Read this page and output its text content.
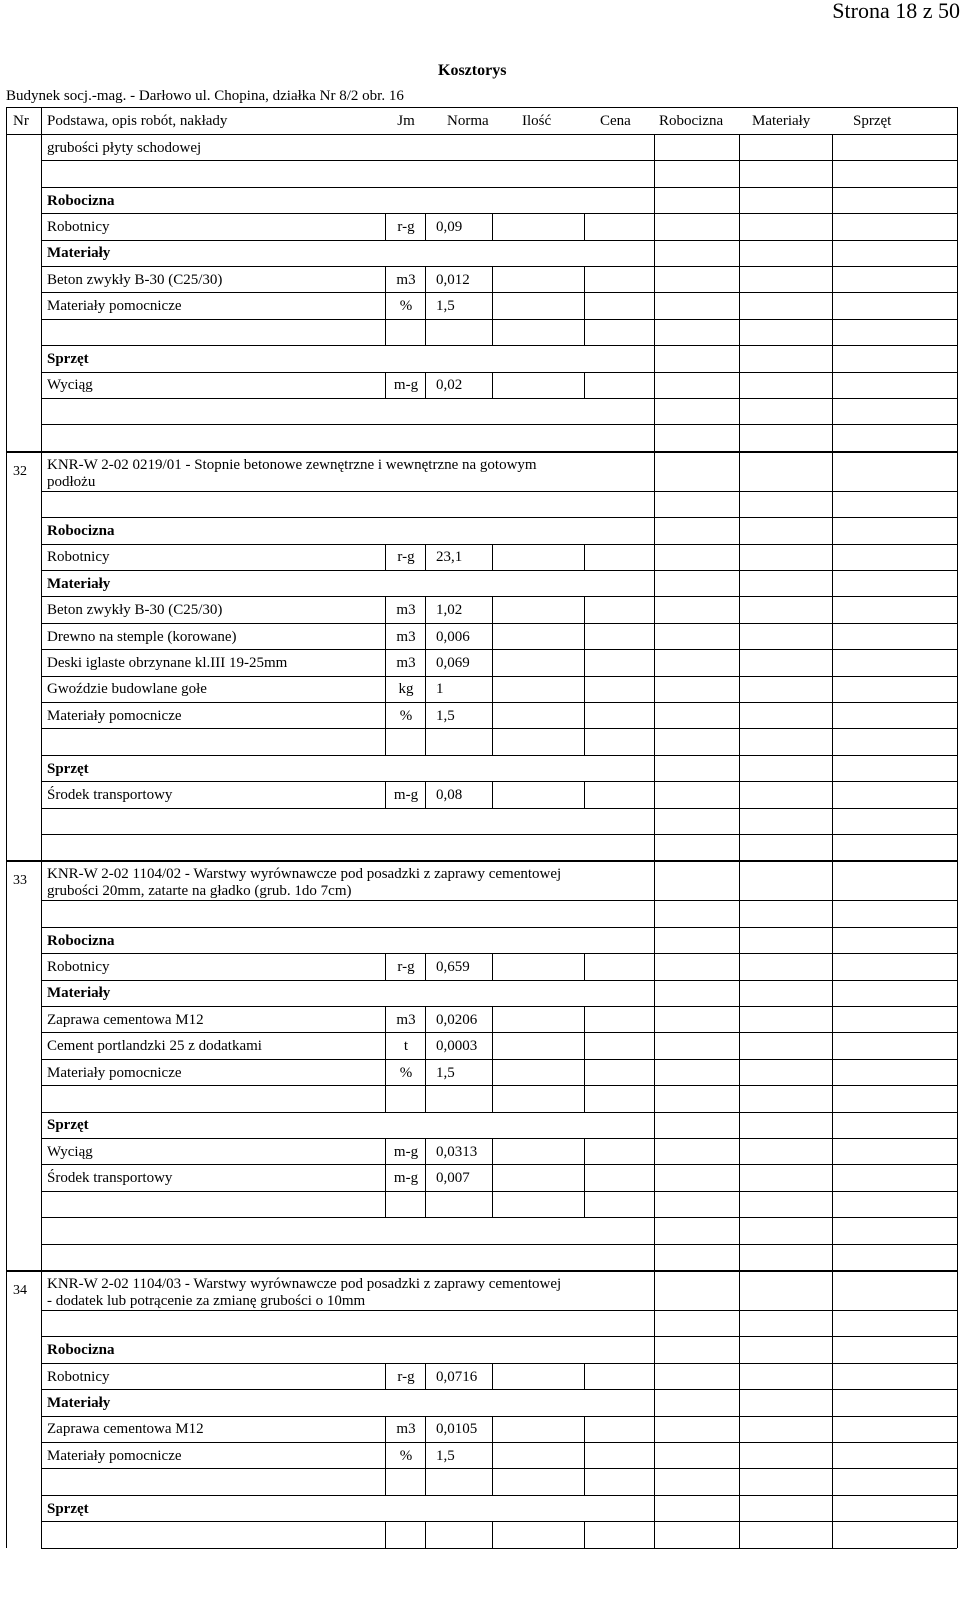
Strona 18 z 50
Kosztorys
Budynek socj.-mag. - Darłowo ul. Chopina, działka Nr 8/2 obr. 16
Nr Podstawa, opis robót, nakłady	Jm Norma Ilość	Cena Robocizna Materiały	Sprzęt
grubości płyty schodowej
Robocizna
Robotnicy	r-g 0,09
Materiały
Beton zwykły B-30 (C25/30)	m3 0,012
Materiały pomocnicze	% 1,5
Sprzęt
Wyciąg	m-g 0,02
32 KNR-W 2-02 0219/01 - Stopnie betonowe zewnętrzne i wewnętrzne na gotowym
podłożu
Robocizna
Robotnicy	r-g 23,1
Materiały
Beton zwykły B-30 (C25/30)	m3 1,02
Drewno na stemple (korowane)	m3 0,006
Deski iglaste obrzynane kl.III 19-25mm	m3 0,069
Gwoździe budowlane gołe	kg 1
Materiały pomocnicze	% 1,5
Sprzęt
Środek transportowy	m-g 0,08
33 KNR-W 2-02 1104/02 - Warstwy wyrównawcze pod posadzki z zaprawy cementowej
grubości 20mm, zatarte na gładko (grub. 1do 7cm)
Robocizna
Robotnicy	r-g 0,659
Materiały
Zaprawa cementowa M12	m3 0,0206
Cement portlandzki 25 z dodatkami	t 0,0003
Materiały pomocnicze	% 1,5
Sprzęt
Wyciąg	m-g 0,0313
Środek transportowy	m-g 0,007
34 KNR-W 2-02 1104/03 - Warstwy wyrównawcze pod posadzki z zaprawy cementowej
- dodatek lub potrącenie za zmianę grubości o 10mm
Robocizna
Robotnicy	r-g 0,0716
Materiały
Zaprawa cementowa M12	m3 0,0105
Materiały pomocnicze	% 1,5
Sprzęt
